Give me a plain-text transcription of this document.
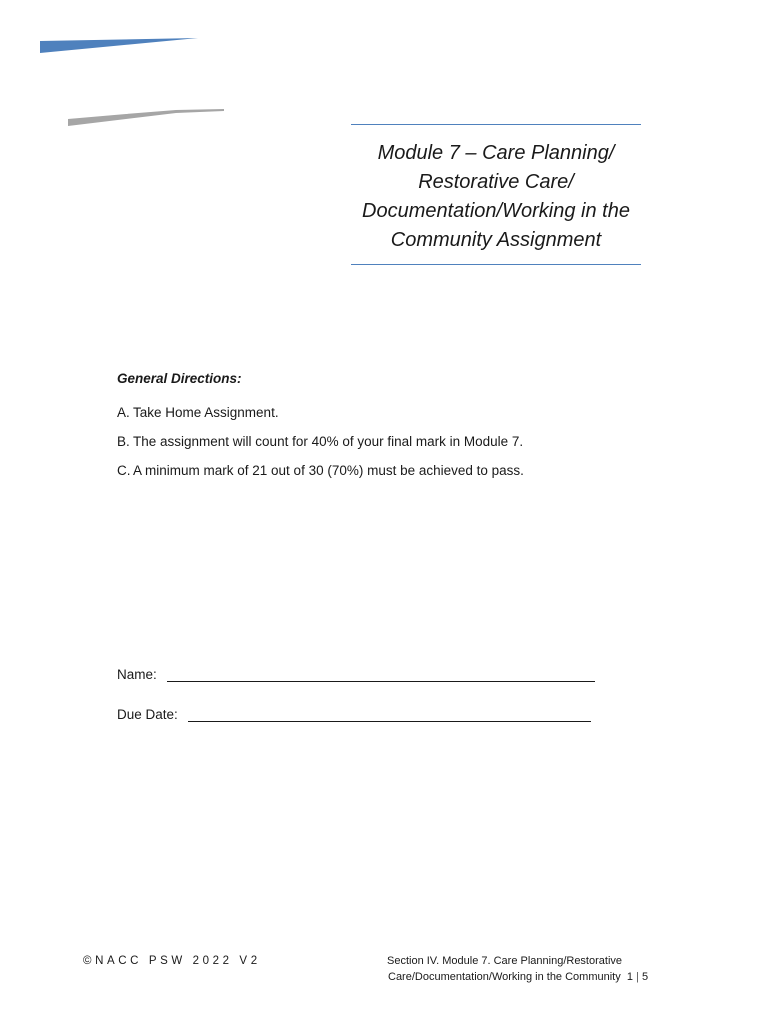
Module 7 – Care Planning/
Restorative Care/
Documentation/Working in the
Community Assignment

General Directions:

A. Take Home Assignment.
B. The assignment will count for 40% of your final mark in Module 7.
C. A minimum mark of 21 out of 30 (70%) must be achieved to pass.
Name:
Due Date:
©NACC PSW 2022 V2	Section IV. Module 7. Care Planning/Restorative
Care/Documentation/Working in the Community 1 | 5
